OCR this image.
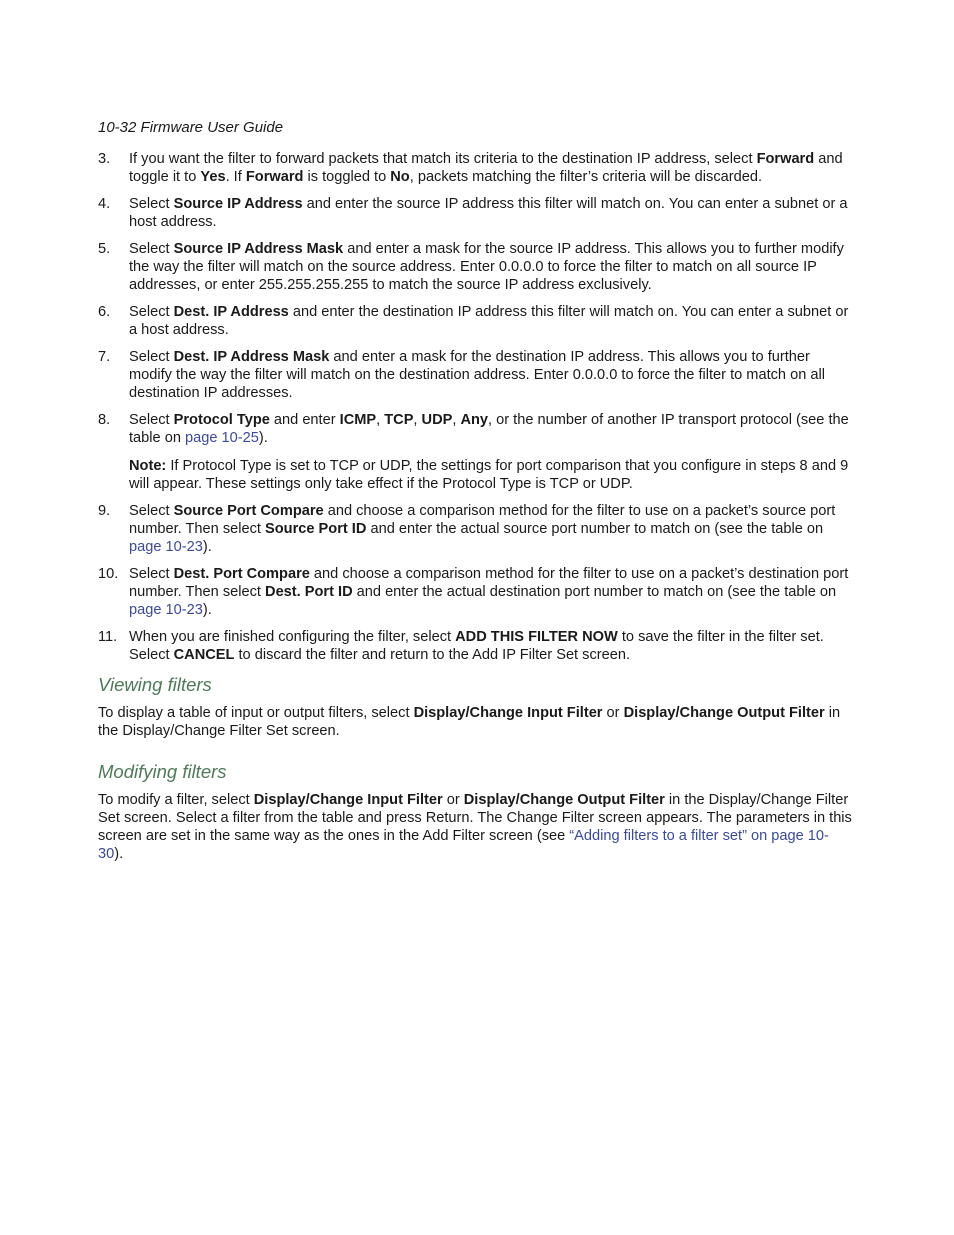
10-32 Firmware User Guide
3. If you want the filter to forward packets that match its criteria to the destination IP address, select Forward and toggle it to Yes. If Forward is toggled to No, packets matching the filter’s criteria will be discarded.
4. Select Source IP Address and enter the source IP address this filter will match on. You can enter a subnet or a host address.
5. Select Source IP Address Mask and enter a mask for the source IP address. This allows you to further modify the way the filter will match on the source address. Enter 0.0.0.0 to force the filter to match on all source IP addresses, or enter 255.255.255.255 to match the source IP address exclusively.
6. Select Dest. IP Address and enter the destination IP address this filter will match on. You can enter a subnet or a host address.
7. Select Dest. IP Address Mask and enter a mask for the destination IP address. This allows you to further modify the way the filter will match on the destination address. Enter 0.0.0.0 to force the filter to match on all destination IP addresses.
8. Select Protocol Type and enter ICMP, TCP, UDP, Any, or the number of another IP transport protocol (see the table on page 10-25).
Note: If Protocol Type is set to TCP or UDP, the settings for port comparison that you configure in steps 8 and 9 will appear. These settings only take effect if the Protocol Type is TCP or UDP.
9. Select Source Port Compare and choose a comparison method for the filter to use on a packet’s source port number. Then select Source Port ID and enter the actual source port number to match on (see the table on page 10-23).
10. Select Dest. Port Compare and choose a comparison method for the filter to use on a packet’s destination port number. Then select Dest. Port ID and enter the actual destination port number to match on (see the table on page 10-23).
11. When you are finished configuring the filter, select ADD THIS FILTER NOW to save the filter in the filter set. Select CANCEL to discard the filter and return to the Add IP Filter Set screen.
Viewing filters

To display a table of input or output filters, select Display/Change Input Filter or Display/Change Output Filter in the Display/Change Filter Set screen.

Modifying filters

To modify a filter, select Display/Change Input Filter or Display/Change Output Filter in the Display/Change Filter Set screen. Select a filter from the table and press Return. The Change Filter screen appears. The parameters in this screen are set in the same way as the ones in the Add Filter screen (see “Adding filters to a filter set” on page 10-30).
